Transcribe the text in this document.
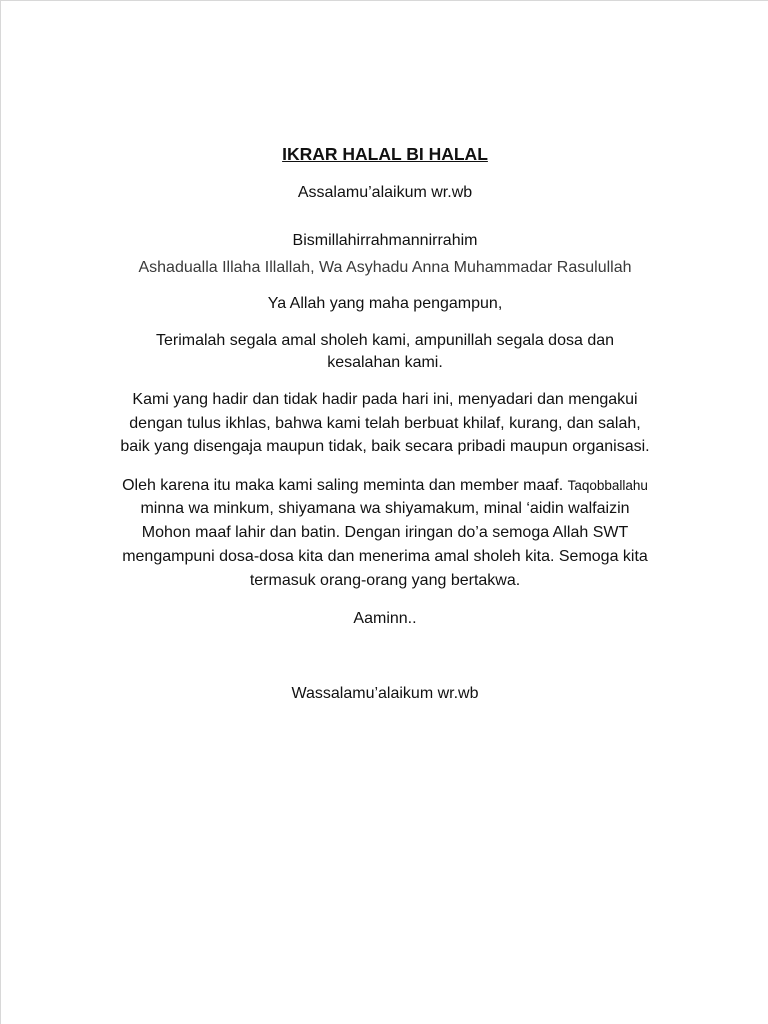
IKRAR HALAL BI HALAL
Assalamu’alaikum wr.wb
Bismillahirrahmannirrahim
Ashadualla Illaha Illallah, Wa Asyhadu Anna Muhammadar Rasulullah
Ya Allah yang maha pengampun,
Terimalah segala amal sholeh kami, ampunillah segala dosa dan
kesalahan kami.
Kami yang hadir dan tidak hadir pada hari ini, menyadari dan mengakui
dengan tulus ikhlas, bahwa kami telah berbuat khilaf, kurang, dan salah,
baik yang disengaja maupun tidak, baik secara pribadi maupun organisasi.
Oleh karena itu maka kami saling meminta dan member maaf. Taqobballahu
minna wa minkum, shiyamana wa shiyamakum, minal ‘aidin walfaizin
Mohon maaf lahir dan batin. Dengan iringan do’a semoga Allah SWT
mengampuni dosa-dosa kita dan menerima amal sholeh kita. Semoga kita
termasuk orang-orang yang bertakwa.
Aaminn..
Wassalamu’alaikum wr.wb
